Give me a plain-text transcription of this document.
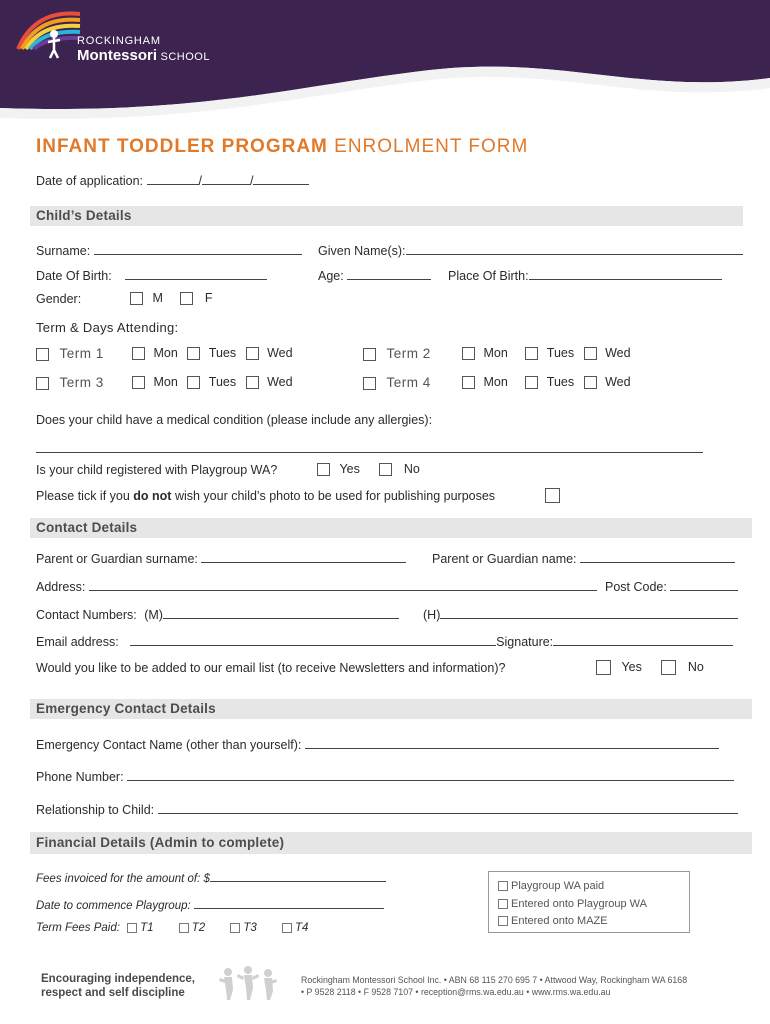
ROCKINGHAM
Montessori SCHOOL
INFANT TODDLER PROGRAM ENROLMENT FORM
Date of application:	/	/
Child’s Details
Surname:	Given Name(s):
Date Of Birth:	Age:	Place Of Birth:
Gender:	M	F
Term & Days Attending:
Term 1	Mon Tues Wed	Term 2	Mon	Tues Wed
Term 3	Mon Tues Wed	Term 4	Mon	Tues Wed
Does your child have a medical condition (please include any allergies):
Is your child registered with Playgroup WA?	Yes	No
Please tick if you do not wish your child’s photo to be used for publishing purposes
Contact Details
Parent or Guardian surname:	Parent or Guardian name:
Address:	Post Code:
Contact Numbers: (M)	(H)
Email address:	Signature:
Would you like to be added to our email list (to receive Newsletters and information)?	Yes	No
Emergency Contact Details
Emergency Contact Name (other than yourself):
Phone Number:
Relationship to Child:
Financial Details (Admin to complete)
Fees invoiced for the amount of: $
Date to commence Playgroup:
Term Fees Paid: T1	T2	T3	T4
Playgroup WA paid
Entered onto Playgroup WA
Entered onto MAZE
Encouraging independence,
respect and self discipline
Rockingham Montessori School Inc. • ABN 68 115 270 695 7 • Attwood Way, Rockingham WA 6168
• P 9528 2118 • F 9528 7107 • reception@rms.wa.edu.au • www.rms.wa.edu.au
